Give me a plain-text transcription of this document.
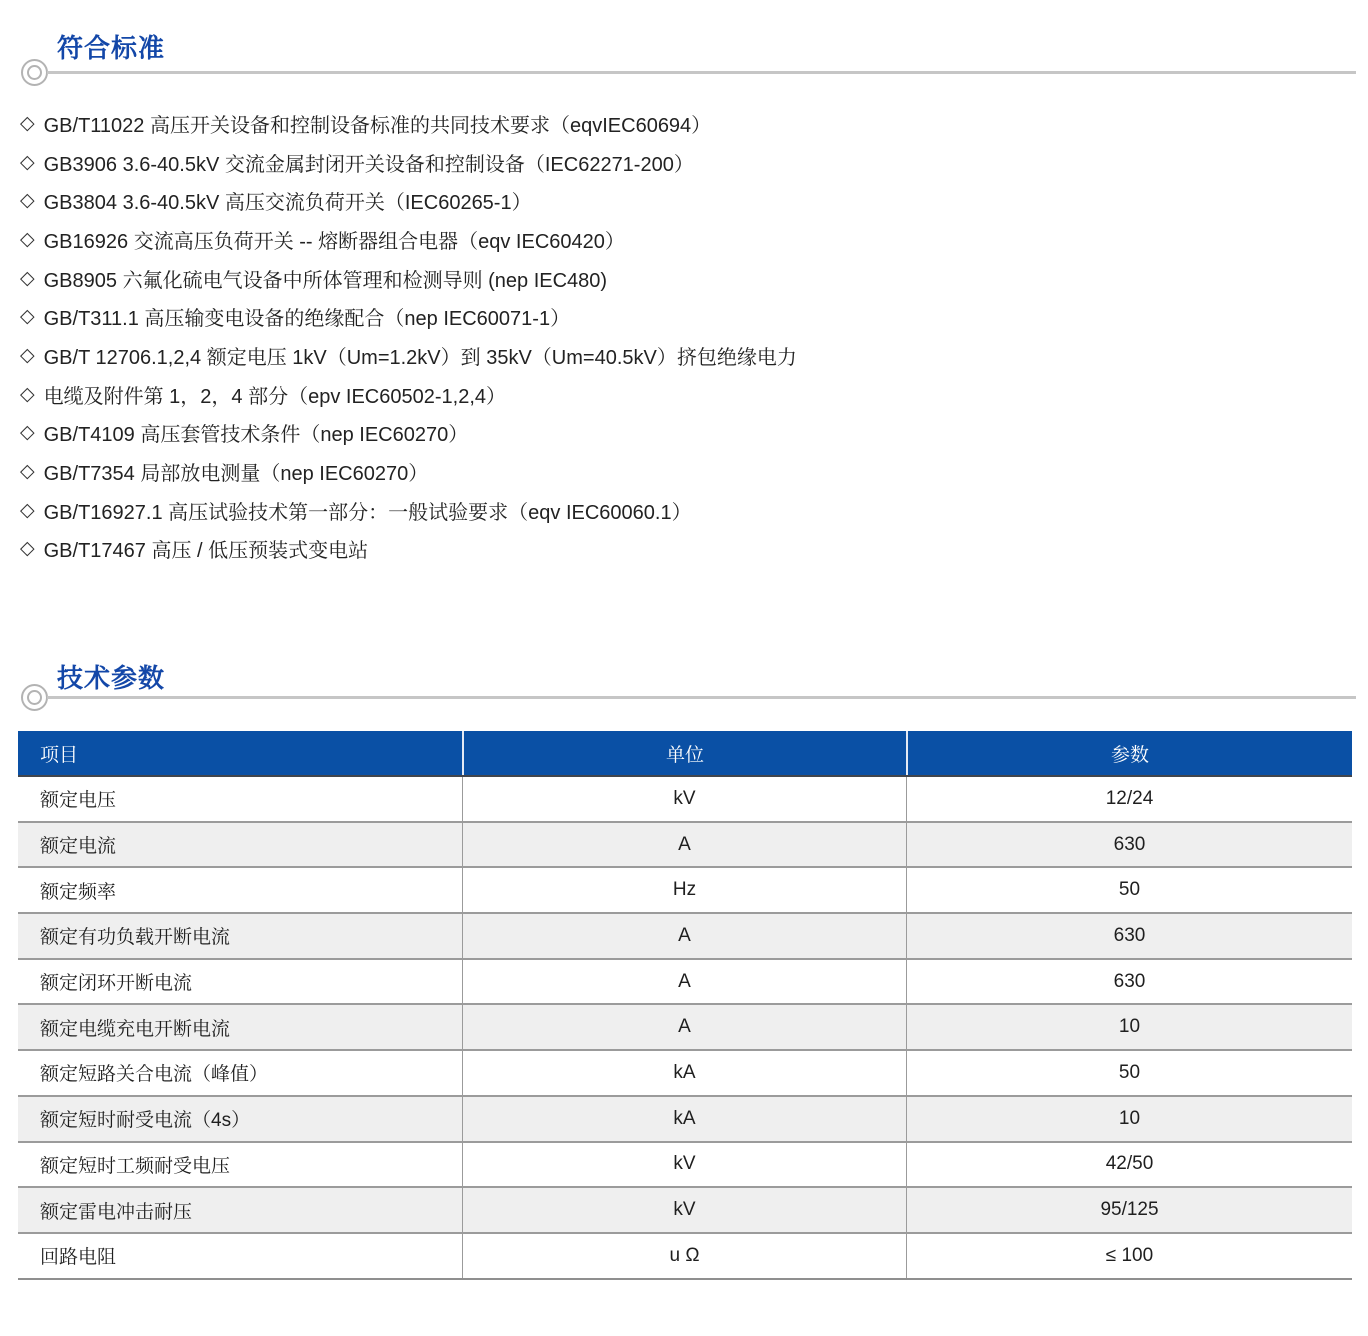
符合标准
◇ GB/T11022 高压开关设备和控制设备标准的共同技术要求（eqvIEC60694）
◇ GB3906 3.6-40.5kV 交流金属封闭开关设备和控制设备（IEC62271-200）
◇ GB3804 3.6-40.5kV 高压交流负荷开关（IEC60265-1）
◇ GB16926 交流高压负荷开关 -- 熔断器组合电器（eqv IEC60420）
◇ GB8905 六氟化硫电气设备中所体管理和检测导则 (nep IEC480)
◇ GB/T311.1 高压输变电设备的绝缘配合（nep IEC60071-1）
◇ GB/T 12706.1,2,4 额定电压 1kV（Um=1.2kV）到 35kV（Um=40.5kV）挤包绝缘电力
◇ 电缆及附件第 1，2，4 部分（epv IEC60502-1,2,4）
◇ GB/T4109 高压套管技术条件（nep IEC60270）
◇ GB/T7354 局部放电测量（nep IEC60270）
◇ GB/T16927.1 高压试验技术第一部分：一般试验要求（eqv IEC60060.1）
◇ GB/T17467 高压 / 低压预装式变电站
技术参数
项目	单位	参数
额定电压	kV	12/24
额定电流	A	630
额定频率	Hz	50
额定有功负载开断电流	A	630
额定闭环开断电流	A	630
额定电缆充电开断电流	A	10
额定短路关合电流（峰值）	kA	50
额定短时耐受电流（4s）	kA	10
额定短时工频耐受电压	kV	42/50
额定雷电冲击耐压	kV	95/125
回路电阻	u Ω	≤ 100
